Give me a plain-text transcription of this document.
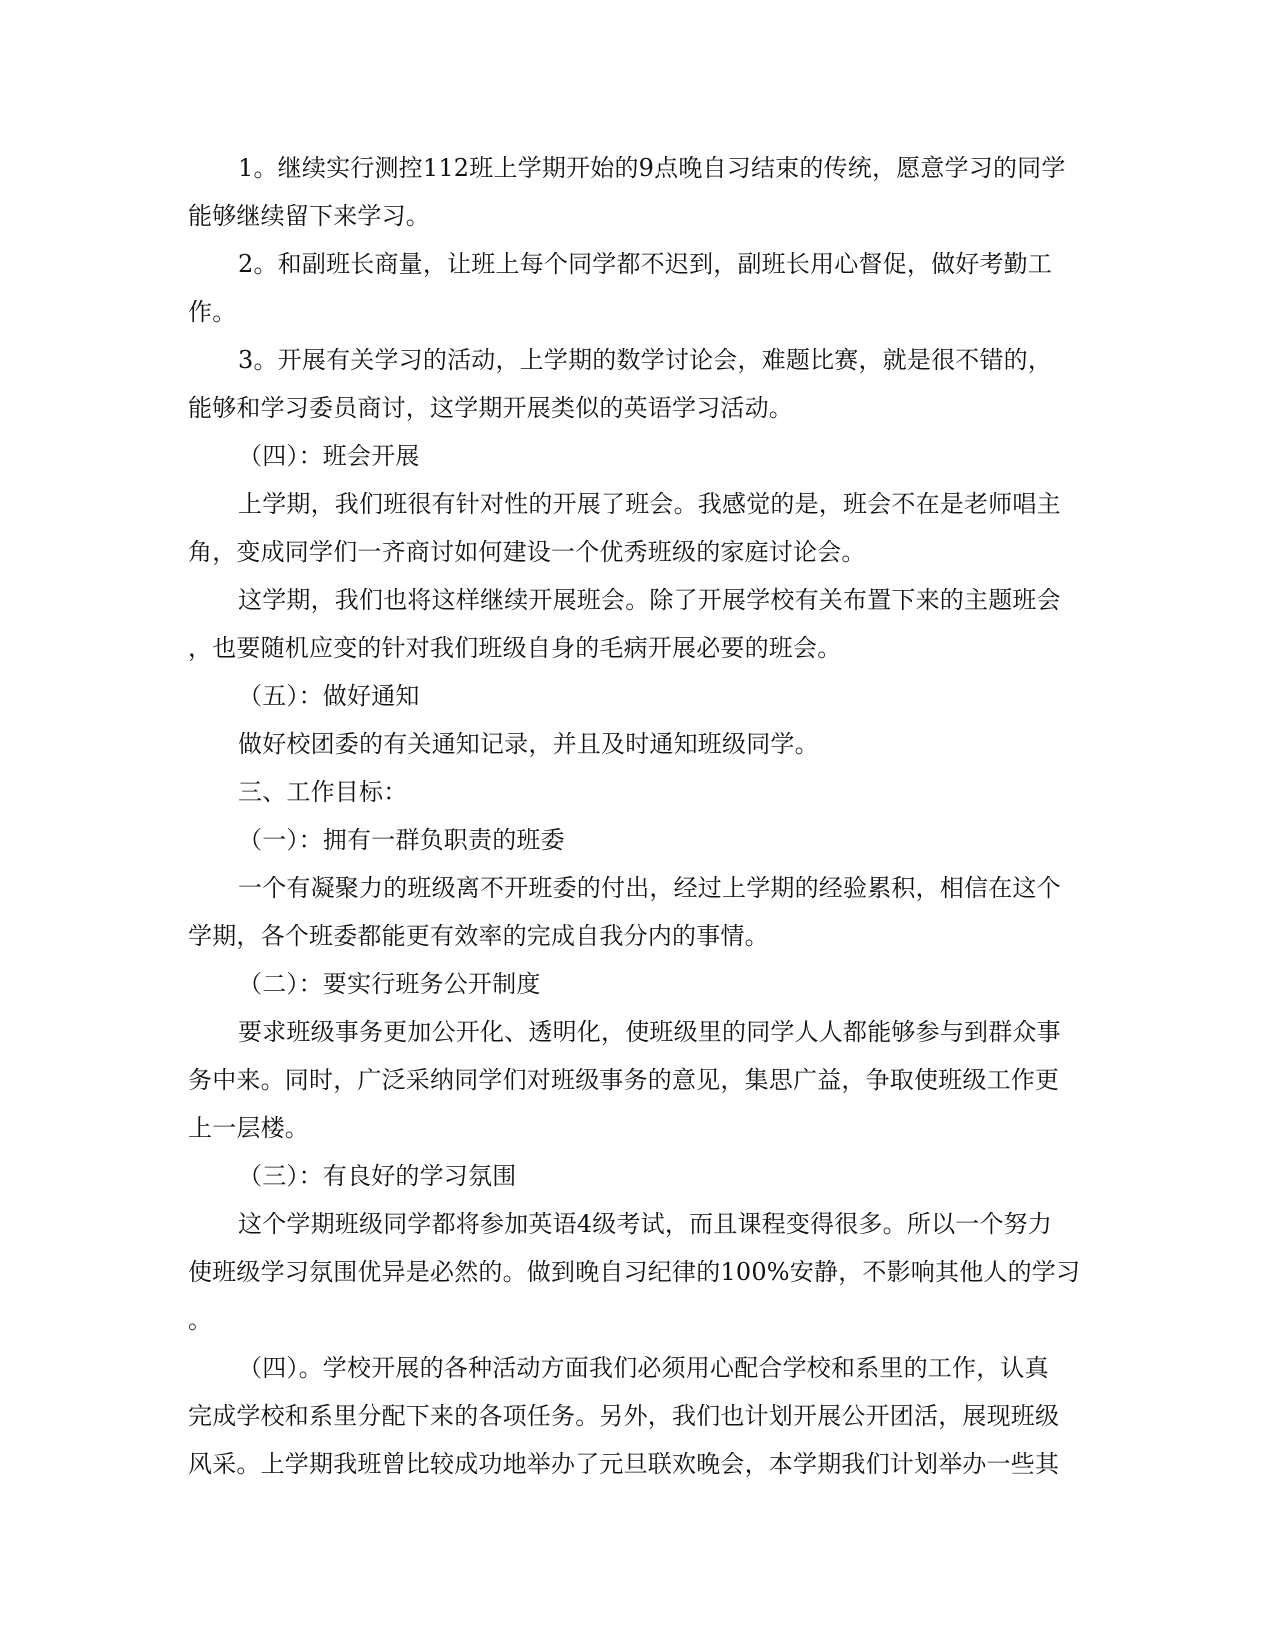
1。继续实行测控112班上学期开始的9点晚自习结束的传统，愿意学习的同学
能够继续留下来学习。
2。和副班长商量，让班上每个同学都不迟到，副班长用心督促，做好考勤工
作。
3。开展有关学习的活动，上学期的数学讨论会，难题比赛，就是很不错的，
能够和学习委员商讨，这学期开展类似的英语学习活动。
（四）：班会开展
上学期，我们班很有针对性的开展了班会。我感觉的是，班会不在是老师唱主
角，变成同学们一齐商讨如何建设一个优秀班级的家庭讨论会。
这学期，我们也将这样继续开展班会。除了开展学校有关布置下来的主题班会
，也要随机应变的针对我们班级自身的毛病开展必要的班会。
（五）：做好通知
做好校团委的有关通知记录，并且及时通知班级同学。
三、工作目标：
（一）：拥有一群负职责的班委
一个有凝聚力的班级离不开班委的付出，经过上学期的经验累积，相信在这个
学期，各个班委都能更有效率的完成自我分内的事情。
（二）：要实行班务公开制度
要求班级事务更加公开化、透明化，使班级里的同学人人都能够参与到群众事
务中来。同时，广泛采纳同学们对班级事务的意见，集思广益，争取使班级工作更
上一层楼。
（三）：有良好的学习氛围
这个学期班级同学都将参加英语4级考试，而且课程变得很多。所以一个努力
使班级学习氛围优异是必然的。做到晚自习纪律的100%安静，不影响其他人的学习
。
（四）。学校开展的各种活动方面我们必须用心配合学校和系里的工作，认真
完成学校和系里分配下来的各项任务。另外，我们也计划开展公开团活，展现班级
风采。上学期我班曾比较成功地举办了元旦联欢晚会，本学期我们计划举办一些其
